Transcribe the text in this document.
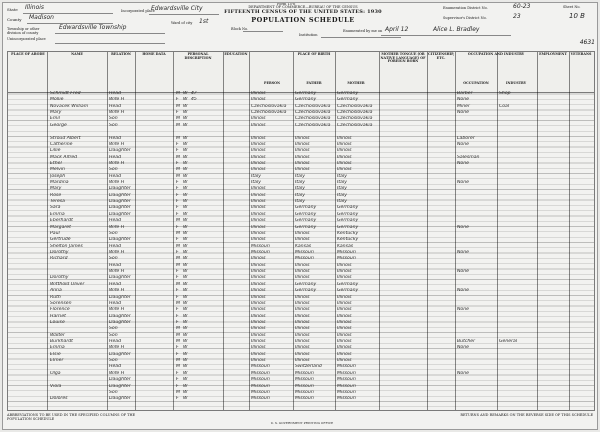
Form 15-6
DEPARTMENT OF COMMERCE—BUREAU OF THE CENSUS
FIFTEENTH CENSUS OF THE UNITED STATES: 1930
POPULATION SCHEDULE
State Illinois
County Madison
Township or other division of county
Edwardsville Township
Unincorporated place
Incorporated place
Edwardsville City
Ward of city 1st
Block No.
Institution
Enumeration District No.	60-23
Supervisor's District No.	23
Sheet No.
10 B
Enumerated by me on April 12	Alice L. Bradley
4631
PLACE OF ABODE	NAME	RELATION	HOME DATA	PERSONAL DESCRIPTION
EDUCATION	PLACE OF BIRTH	MOTHER TONGUE (OR NATIVE LANGUAGE) OF FOREIGN BORN
CITIZENSHIP, ETC.
OCCUPATION AND INDUSTRY	EMPLOYMENT	VETERANS
PERSON	FATHER	MOTHER	OCCUPATION	INDUSTRY
Schmidt Fred	Head	M W 47	Illinois	Germany	Germany	Barber	Shop
Mollie	Wife H	F W 45	Illinois	Germany	Germany	None
Novacek William	Head	M W	Czechoslovakia	Czechoslovakia	Czechoslovakia	Miner	Coal
Mary	Wife H	F W	Czechoslovakia	Czechoslovakia	Czechoslovakia	None
Emil	Son	M W	Illinois	Czechoslovakia	Czechoslovakia
George	Son	M W	Illinois	Czechoslovakia	Czechoslovakia
Stroud Albert	Head	M W	Illinois	Illinois	Illinois	Laborer
Catherine	Wife H	F W	Illinois	Illinois	Illinois	None
Lillie	Daughter	F W	Illinois	Illinois	Illinois
Mack Alfred	Head	M W	Illinois	Illinois	Illinois	Salesman
Ethel	Wife H	F W	Illinois	Illinois	Illinois	None
Melvin	Son	M W	Illinois	Illinois	Illinois
Joseph	Head	M W	Italy	Italy	Italy
Mardina	Wife H	F W	Italy	Italy	Italy	None
Mary	Daughter	F W	Illinois	Italy	Italy
Rose	Daughter	F W	Illinois	Italy	Italy
Teresa	Daughter	F W	Illinois	Italy	Italy
Sara	Daughter	F W	Illinois	Germany	Germany
Emma	Daughter	F W	Illinois	Germany	Germany
Eberhardt	Head	M W	Illinois	Germany	Germany
Margaret	Wife H	F W	Illinois	Germany	Germany	None
Paul	Son	M W	Illinois	Illinois	Kentucky
Gertrude	Daughter	F W	Illinois	Illinois	Kentucky
Shelton James	Head	M W	Missouri	Kansas	Kansas
Dorothy	Wife H	F W	Missouri	Missouri	Missouri	None
Richard	Son	M W	Illinois	Missouri	Missouri
Head	M W	Illinois	Illinois	Illinois
Wife H	F W	Illinois	Illinois	Illinois	None
Dorothy	Daughter	F W	Illinois	Illinois	Illinois
Witthold Oliver	Head	M W	Illinois	Germany	Germany
Anna	Wife H	F W	Illinois	Germany	Germany	None
Ruth	Daughter	F W	Illinois	Illinois	Illinois
Sorensen	Head	M W	Illinois	Illinois	Illinois
Florence	Wife H	F W	Illinois	Illinois	Illinois	None
Harriet	Daughter	F W	Illinois	Illinois	Illinois
Louise	Daughter	F W	Illinois	Illinois	Illinois
Son	M W	Illinois	Illinois	Illinois
Walter	Son	M W	Illinois	Illinois	Illinois
Burkhardt	Head	M W	Illinois	Illinois	Illinois	Butcher	General
Emma	Wife H	F W	Illinois	Illinois	Illinois	None
Elsie	Daughter	F W	Illinois	Illinois	Illinois
Elmer	Son	M W	Illinois	Illinois	Illinois
Head	M W	Missouri	Switzerland	Missouri
Olga	Wife H	F W	Missouri	Missouri	Missouri	None
Daughter	F W	Missouri	Missouri	Missouri
Viola	Daughter	F W	Missouri	Missouri	Missouri
Son	M W	Missouri	Missouri	Missouri
Dolores	Daughter	F W	Missouri	Missouri	Missouri
ABBREVIATIONS TO BE USED IN THE SPECIFIED COLUMNS OF THE POPULATION SCHEDULE
U. S. GOVERNMENT PRINTING OFFICE
RETURNS AND REMARKS ON THE REVERSE SIDE OF THIS SCHEDULE
